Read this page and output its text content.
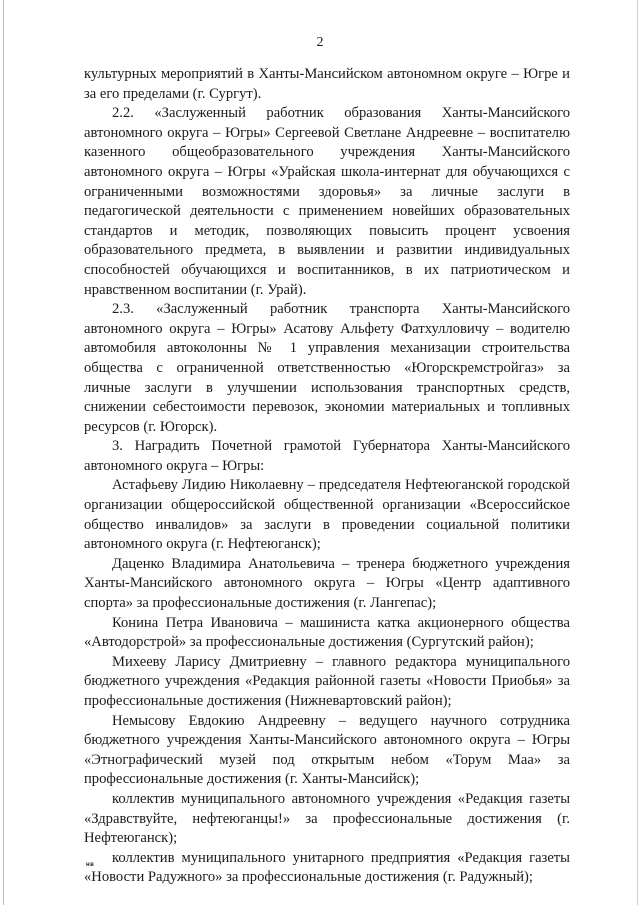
2

культурных мероприятий в Ханты-Мансийском автономном округе – Югре и за его пределами (г. Сургут).

2.2. «Заслуженный работник образования Ханты-Мансийского автономного округа – Югры» Сергеевой Светлане Андреевне – воспитателю казенного общеобразовательного учреждения Ханты-Мансийского автономного округа – Югры «Урайская школа-интернат для обучающихся с ограниченными возможностями здоровья» за личные заслуги в педагогической деятельности с применением новейших образовательных стандартов и методик, позволяющих повысить процент усвоения образовательного предмета, в выявлении и развитии индивидуальных способностей обучающихся и воспитанников, в их патриотическом и нравственном воспитании (г. Урай).

2.3. «Заслуженный работник транспорта Ханты-Мансийского автономного округа – Югры» Асатову Альфету Фатхулловичу – водителю автомобиля автоколонны № 1 управления механизации строительства общества с ограниченной ответственностью «Югорскремстройгаз» за личные заслуги в улучшении использования транспортных средств, снижении себестоимости перевозок, экономии материальных и топливных ресурсов (г. Югорск).

3. Наградить Почетной грамотой Губернатора Ханты-Мансийского автономного округа – Югры:

Астафьеву Лидию Николаевну – председателя Нефтеюганской городской организации общероссийской общественной организации «Всероссийское общество инвалидов» за заслуги в проведении социальной политики автономного округа (г. Нефтеюганск);

Даценко Владимира Анатольевича – тренера бюджетного учреждения Ханты-Мансийского автономного округа – Югры «Центр адаптивного спорта» за профессиональные достижения (г. Лангепас);

Конина Петра Ивановича – машиниста катка акционерного общества «Автодорстрой» за профессиональные достижения (Сургутский район);

Михееву Ларису Дмитриевну – главного редактора муниципального бюджетного учреждения «Редакция районной газеты «Новости Приобья» за профессиональные достижения (Нижневартовский район);

Немысову Евдокию Андреевну – ведущего научного сотрудника бюджетного учреждения Ханты-Мансийского автономного округа – Югры «Этнографический музей под открытым небом «Торум Маа» за профессиональные достижения (г. Ханты-Мансийск);

коллектив муниципального автономного учреждения «Редакция газеты «Здравствуйте, нефтеюганцы!» за профессиональные достижения (г. Нефтеюганск);

коллектив муниципального унитарного предприятия «Редакция газеты «Новости Радужного» за профессиональные достижения (г. Радужный);

нв
